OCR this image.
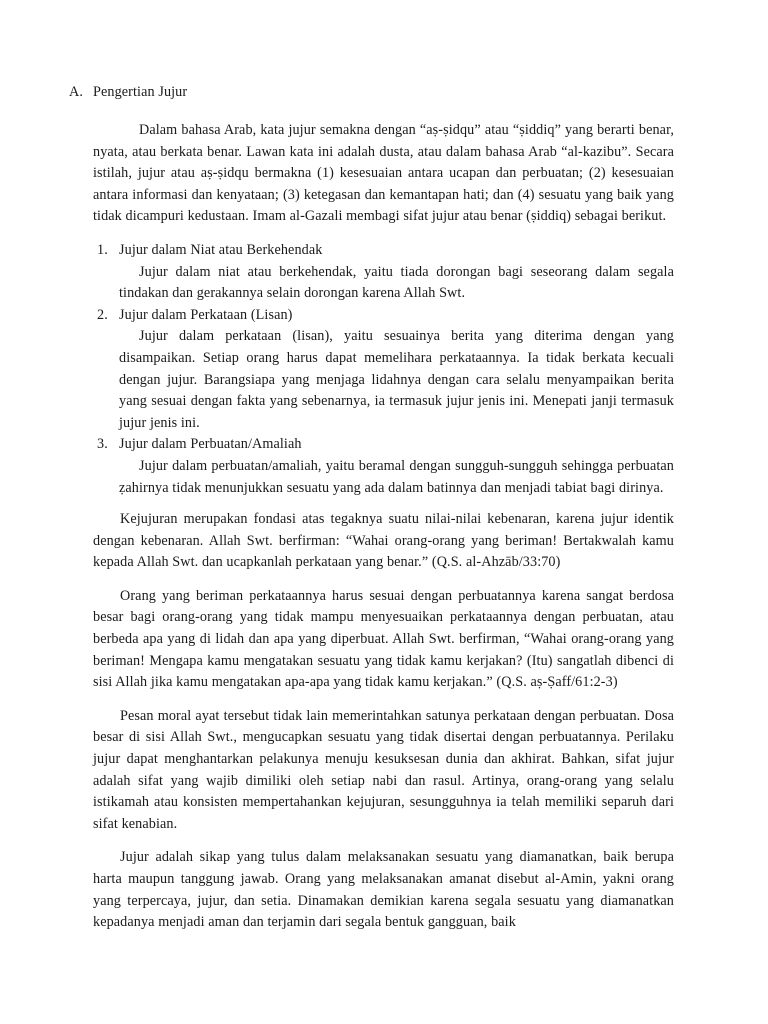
A. Pengertian Jujur

Dalam bahasa Arab, kata jujur semakna dengan “aṣ-ṣidqu” atau “ṣiddiq” yang berarti benar, nyata, atau berkata benar. Lawan kata ini adalah dusta, atau dalam bahasa Arab “al-kazibu”. Secara istilah, jujur atau aṣ-ṣidqu bermakna (1) kesesuaian antara ucapan dan perbuatan; (2) kesesuaian antara informasi dan kenyataan; (3) ketegasan dan kemantapan hati; dan (4) sesuatu yang baik yang tidak dicampuri kedustaan. Imam al-Gazali membagi sifat jujur atau benar (ṣiddiq) sebagai berikut.

1. Jujur dalam Niat atau Berkehendak

Jujur dalam niat atau berkehendak, yaitu tiada dorongan bagi seseorang dalam segala tindakan dan gerakannya selain dorongan karena Allah Swt.

2. Jujur dalam Perkataan (Lisan)

Jujur dalam perkataan (lisan), yaitu sesuainya berita yang diterima dengan yang disampaikan. Setiap orang harus dapat memelihara perkataannya. Ia tidak berkata kecuali dengan jujur. Barangsiapa yang menjaga lidahnya dengan cara selalu menyampaikan berita yang sesuai dengan fakta yang sebenarnya, ia termasuk jujur jenis ini. Menepati janji termasuk jujur jenis ini.

3. Jujur dalam Perbuatan/Amaliah

Jujur dalam perbuatan/amaliah, yaitu beramal dengan sungguh-sungguh sehingga perbuatan ẓahirnya tidak menunjukkan sesuatu yang ada dalam batinnya dan menjadi tabiat bagi dirinya.

Kejujuran merupakan fondasi atas tegaknya suatu nilai-nilai kebenaran, karena jujur identik dengan kebenaran. Allah Swt. berfirman: “Wahai orang-orang yang beriman! Bertakwalah kamu kepada Allah Swt. dan ucapkanlah perkataan yang benar.” (Q.S. al-Ahzāb/33:70)

Orang yang beriman perkataannya harus sesuai dengan perbuatannya karena sangat berdosa besar bagi orang-orang yang tidak mampu menyesuaikan perkataannya dengan perbuatan, atau berbeda apa yang di lidah dan apa yang diperbuat. Allah Swt. berfirman, “Wahai orang-orang yang beriman! Mengapa kamu mengatakan sesuatu yang tidak kamu kerjakan? (Itu) sangatlah dibenci di sisi Allah jika kamu mengatakan apa-apa yang tidak kamu kerjakan.” (Q.S. aṣ-Ṣaff/61:2-3)

Pesan moral ayat tersebut tidak lain memerintahkan satunya perkataan dengan perbuatan. Dosa besar di sisi Allah Swt., mengucapkan sesuatu yang tidak disertai dengan perbuatannya. Perilaku jujur dapat menghantarkan pelakunya menuju kesuksesan dunia dan akhirat. Bahkan, sifat jujur adalah sifat yang wajib dimiliki oleh setiap nabi dan rasul. Artinya, orang-orang yang selalu istikamah atau konsisten mempertahankan kejujuran, sesungguhnya ia telah memiliki separuh dari sifat kenabian.

Jujur adalah sikap yang tulus dalam melaksanakan sesuatu yang diamanatkan, baik berupa harta maupun tanggung jawab. Orang yang melaksanakan amanat disebut al-Amin, yakni orang yang terpercaya, jujur, dan setia. Dinamakan demikian karena segala sesuatu yang diamanatkan kepadanya menjadi aman dan terjamin dari segala bentuk gangguan, baik
